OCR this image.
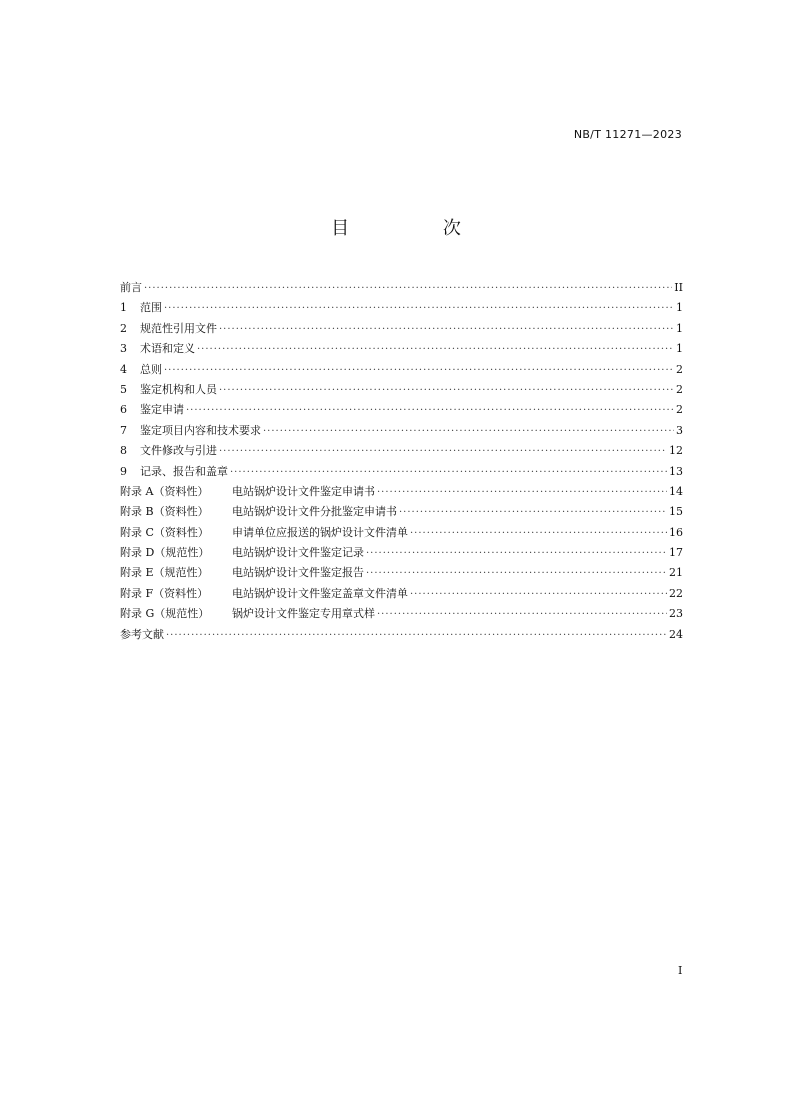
NB/T 11271—2023
目 次
前言 ·····	II
1	范围 ·····	1
2	规范性引用文件 ·····	1
3	术语和定义 ·····	1
4	总则 ·····	2
5	鉴定机构和人员 ·····	2
6	鉴定申请 ·····	2
7	鉴定项目内容和技术要求 ·····	3
8	文件修改与引进 ·····	12
9	记录、报告和盖章 ·····	13
附录 A（资料性）	电站锅炉设计文件鉴定申请书 ·····	14
附录 B（资料性）	电站锅炉设计文件分批鉴定申请书 ·····	15
附录 C（资料性）	申请单位应报送的锅炉设计文件清单 ·····	16
附录 D（规范性）	电站锅炉设计文件鉴定记录 ·····	17
附录 E（规范性）	电站锅炉设计文件鉴定报告 ·····	21
附录 F（资料性）	电站锅炉设计文件鉴定盖章文件清单 ·····	22
附录 G（规范性）	锅炉设计文件鉴定专用章式样 ·····	23
参考文献 ·····	24
I
